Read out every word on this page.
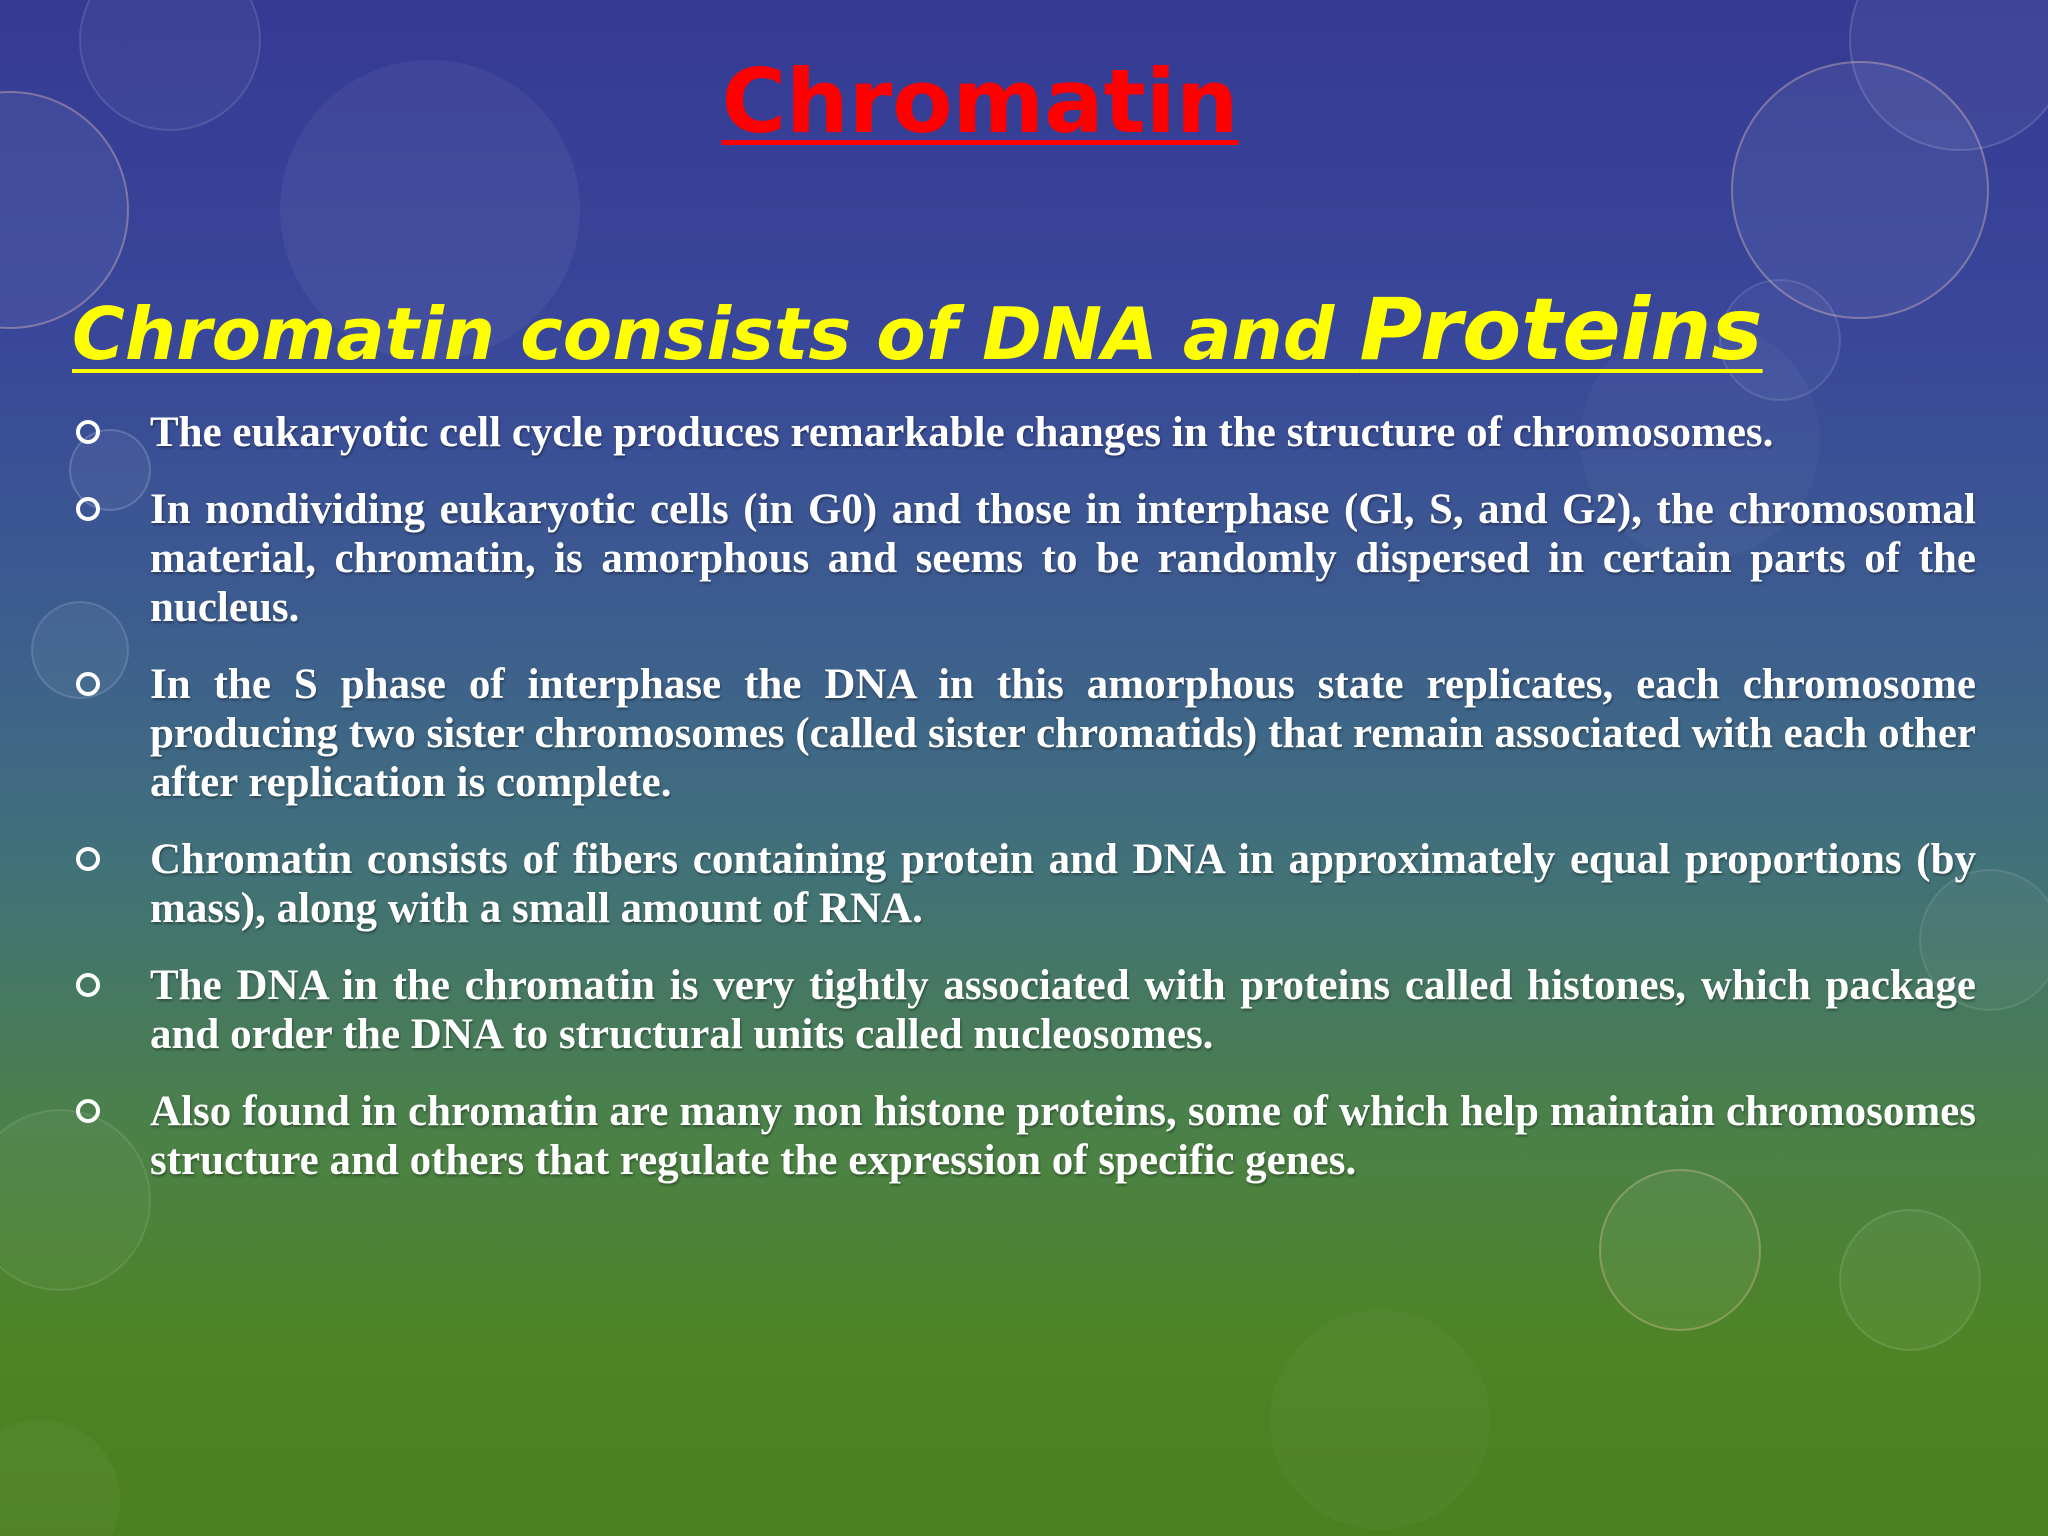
Chromatin
Chromatin consists of DNA and Proteins
The eukaryotic cell cycle produces remarkable changes in the structure of chromosomes.
In nondividing eukaryotic cells (in G0) and those in interphase (Gl, S, and G2), the chromosomal material, chromatin, is amorphous and seems to be randomly dispersed in certain parts of the nucleus.
In the S phase of interphase the DNA in this amorphous state replicates, each chromosome producing two sister chromosomes (called sister chromatids) that remain associated with each other after replication is complete.
Chromatin consists of fibers containing protein and DNA in approximately equal proportions (by mass), along with a small amount of RNA.
The DNA in the chromatin is very tightly associated with proteins called histones, which package and order the DNA to structural units called nucleosomes.
Also found in chromatin are many non histone proteins, some of which help maintain chromosomes structure and others that regulate the expression of specific genes.
